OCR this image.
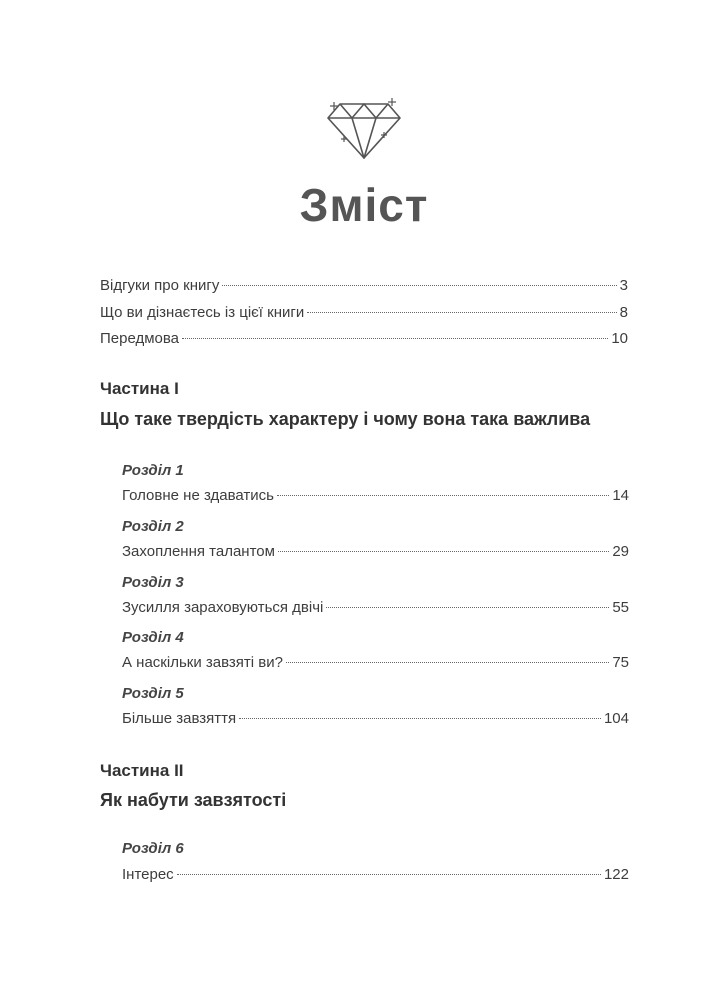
Зміст
Відгуки про книгу	3
Що ви дізнаєтесь із цієї книги	8
Передмова	10
Частина І
Що таке твердість характеру і чому вона така важлива
Розділ 1
Головне не здаватись	14
Розділ 2
Захоплення талантом	29
Розділ 3
Зусилля зараховуються двічі	55
Розділ 4
А наскільки завзяті ви?	75
Розділ 5
Більше завзяття	104
Частина ІІ
Як набути завзятості
Розділ 6
Інтерес	122
